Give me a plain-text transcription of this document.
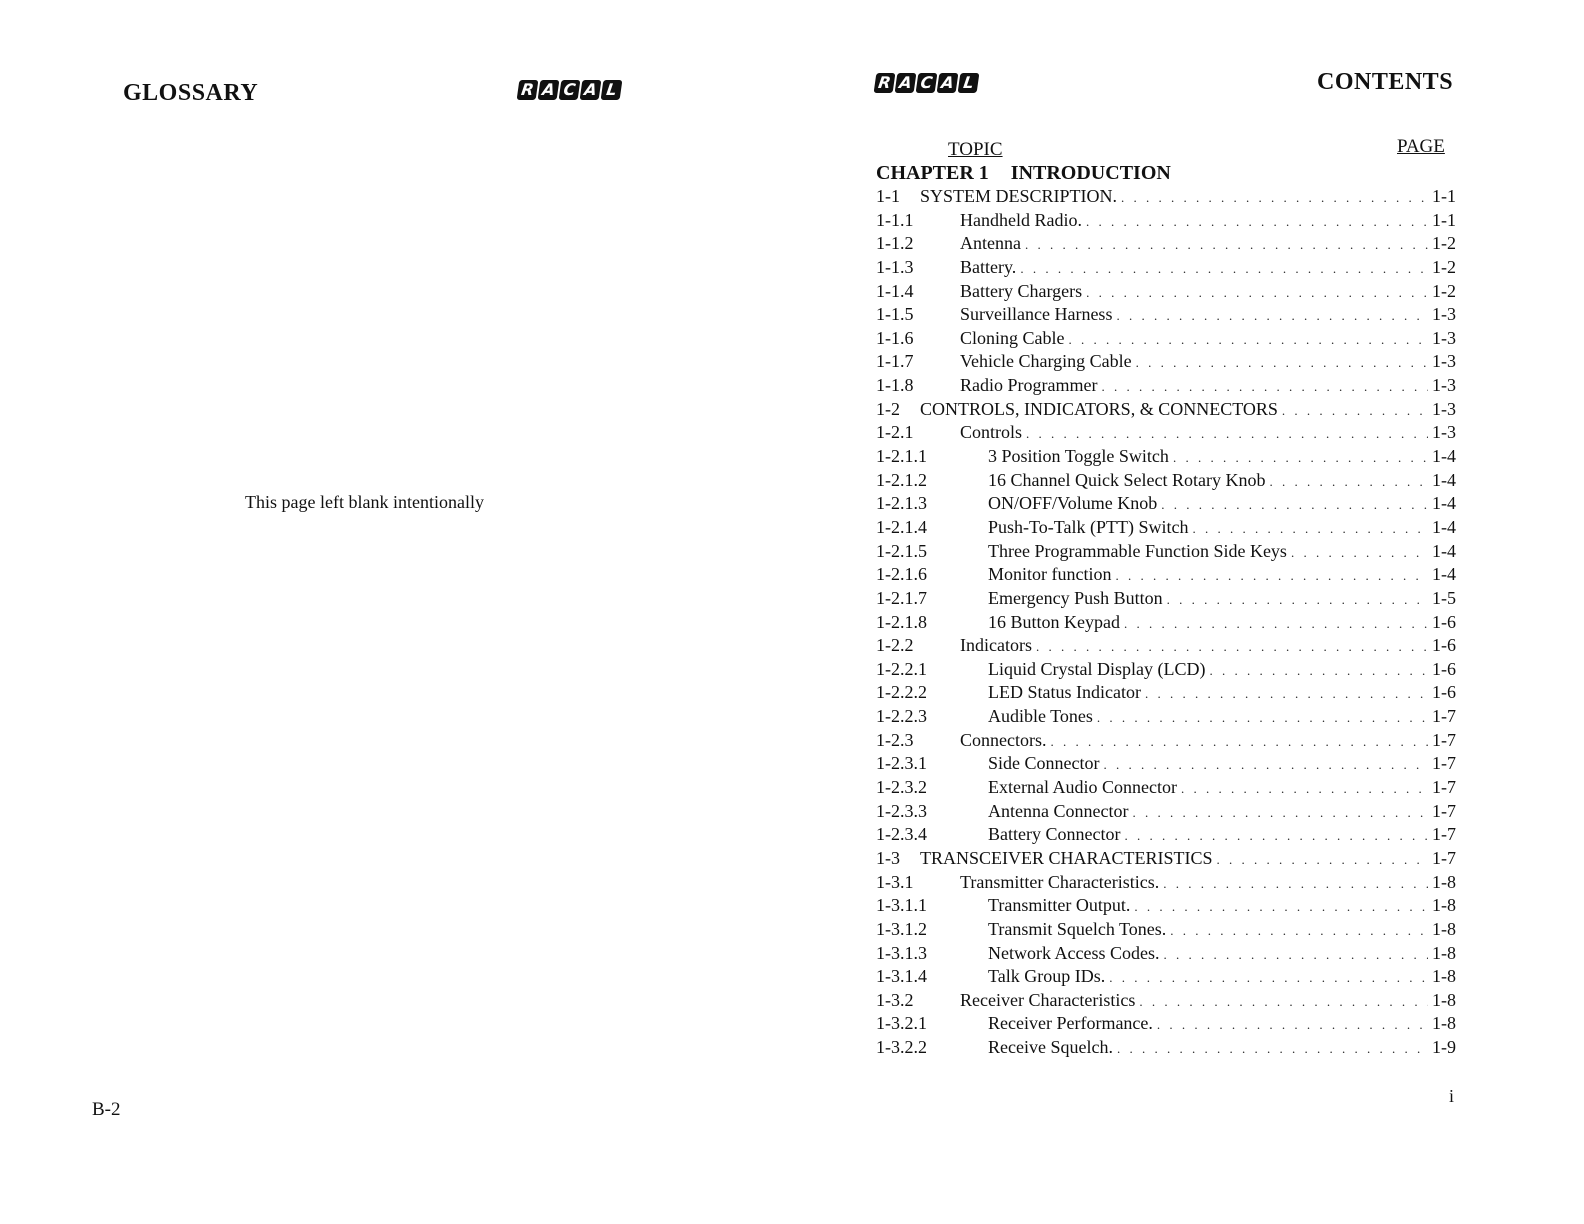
GLOSSARY	R A C A L
This page left blank intentionally
B-2
R A C A L	CONTENTS
TOPIC	PAGE
CHAPTER 1 INTRODUCTION
1-1	SYSTEM DESCRIPTION. . . .	1-1
1-1.1	Handheld Radio. . . .	1-1
1-1.2	Antenna . . .	1-2
1-1.3	Battery. . . .	1-2
1-1.4	Battery Chargers . . .	1-2
1-1.5	Surveillance Harness . . .	1-3
1-1.6	Cloning Cable . . .	1-3
1-1.7	Vehicle Charging Cable . . .	1-3
1-1.8	Radio Programmer . . .	1-3
1-2	CONTROLS, INDICATORS, & CONNECTORS . . .	1-3
1-2.1	Controls . . .	1-3
1-2.1.1	3 Position Toggle Switch . . .	1-4
1-2.1.2	16 Channel Quick Select Rotary Knob . . .	1-4
1-2.1.3	ON/OFF/Volume Knob . . .	1-4
1-2.1.4	Push-To-Talk (PTT) Switch . . .	1-4
1-2.1.5	Three Programmable Function Side Keys . . .	1-4
1-2.1.6	Monitor function . . .	1-4
1-2.1.7	Emergency Push Button . . .	1-5
1-2.1.8	16 Button Keypad . . .	1-6
1-2.2	Indicators . . .	1-6
1-2.2.1	Liquid Crystal Display (LCD) . . .	1-6
1-2.2.2	LED Status Indicator . . .	1-6
1-2.2.3	Audible Tones . . .	1-7
1-2.3	Connectors. . . .	1-7
1-2.3.1	Side Connector . . .	1-7
1-2.3.2	External Audio Connector . . .	1-7
1-2.3.3	Antenna Connector . . .	1-7
1-2.3.4	Battery Connector . . .	1-7
1-3	TRANSCEIVER CHARACTERISTICS . . .	1-7
1-3.1	Transmitter Characteristics. . . .	1-8
1-3.1.1	Transmitter Output. . . .	1-8
1-3.1.2	Transmit Squelch Tones. . . .	1-8
1-3.1.3	Network Access Codes. . . .	1-8
1-3.1.4	Talk Group IDs. . . .	1-8
1-3.2	Receiver Characteristics . . .	1-8
1-3.2.1	Receiver Performance. . . .	1-8
1-3.2.2	Receive Squelch. . . .	1-9
i
